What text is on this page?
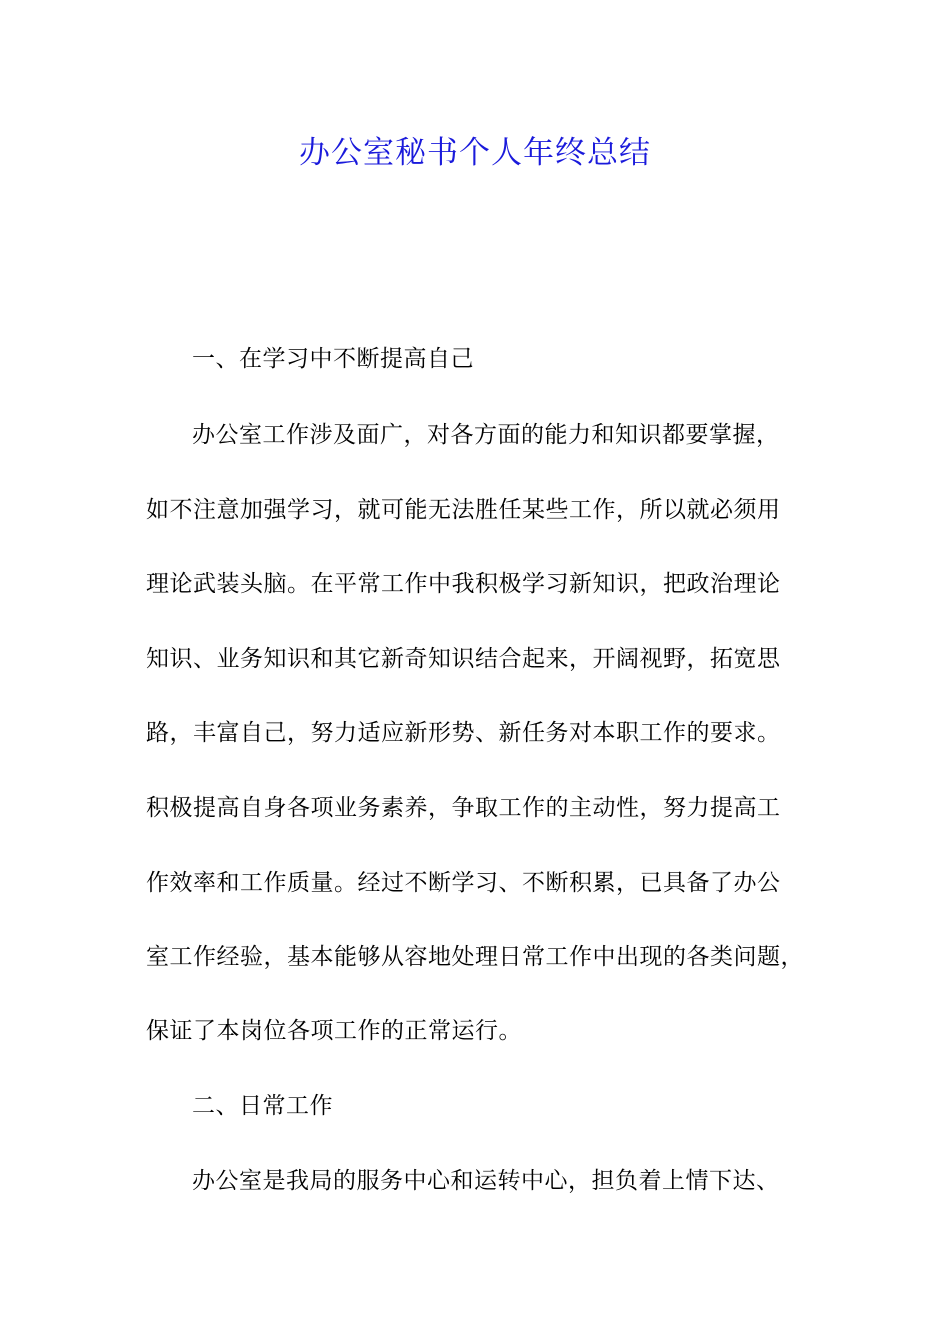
办公室秘书个人年终总结
一、在学习中不断提高自己
办公室工作涉及面广，对各方面的能力和知识都要掌握，
如不注意加强学习，就可能无法胜任某些工作，所以就必须用
理论武装头脑。在平常工作中我积极学习新知识，把政治理论
知识、业务知识和其它新奇知识结合起来，开阔视野，拓宽思
路，丰富自己，努力适应新形势、新任务对本职工作的要求。
积极提高自身各项业务素养，争取工作的主动性，努力提高工
作效率和工作质量。经过不断学习、不断积累，已具备了办公
室工作经验，基本能够从容地处理日常工作中出现的各类问题，
保证了本岗位各项工作的正常运行。
二、日常工作
办公室是我局的服务中心和运转中心，担负着上情下达、
